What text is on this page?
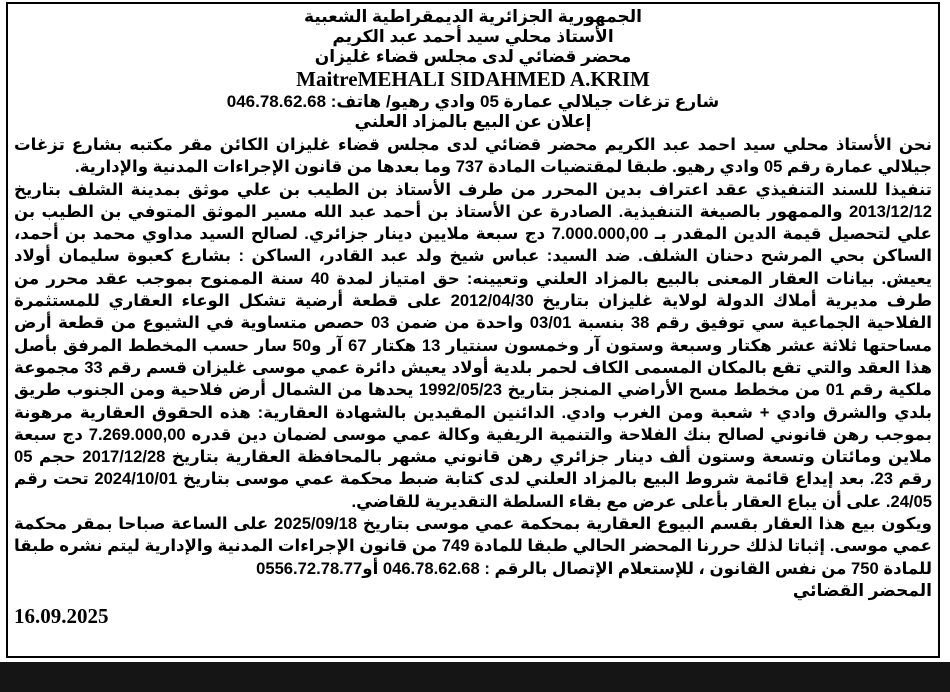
الجمهورية الجزائرية الديمقراطية الشعبية

الأستاذ محلي سيد أحمد عبد الكريم

محضر قضائي لدى مجلس قضاء غليزان

MaitreMEHALI SIDAHMED A.KRIM

شارع تزغات جيلالي عمارة 05 وادي رهيو/ هاتف: 046.78.62.68

إعلان عن البيع بالمزاد العلني

نحن الأستاذ محلي سيد احمد عبد الكريم محضر قضائي لدى مجلس قضاء غليزان الكائن مقر مكتبه بشارع تزغات جيلالي عمارة رقم 05 وادي رهيو. طبقا لمقتضيات المادة 737 وما بعدها من قانون الإجراءات المدنية والإدارية.

تنفيذا للسند التنفيذي عقد اعتراف بدين المحرر من طرف الأستاذ بن الطيب بن علي موثق بمدينة الشلف بتاريخ 2013/12/12 والممهور بالصيغة التنفيذية. الصادرة عن الأستاذ بن أحمد عبد الله مسير الموثق المتوفي بن الطيب بن علي لتحصيل قيمة الدين المقدر بـ 7.000.000,00 دج سبعة ملايين دينار جزائري. لصالح السيد مداوي محمد بن أحمد، الساكن بحي المرشح دحنان الشلف. ضد السيد: عباس شيخ ولد عبد القادر، الساكن : بشارع كعبوة سليمان أولاد يعيش. بيانات العقار المعنى بالبيع بالمزاد العلني وتعيينه: حق امتياز لمدة 40 سنة الممنوح بموجب عقد محرر من طرف مديرية أملاك الدولة لولاية غليزان بتاريخ 2012/04/30 على قطعة أرضية تشكل الوعاء العقاري للمستثمرة الفلاحية الجماعية سي توفيق رقم 38 بنسبة 03/01 واحدة من ضمن 03 حصص متساوية في الشيوع من قطعة أرض مساحتها ثلاثة عشر هكتار وسبعة وستون آر وخمسون سنتيار 13 هكتار 67 آر و50 سار حسب المخطط المرفق بأصل هذا العقد والتي تقع بالمكان المسمى الكاف لحمر بلدية أولاد يعيش دائرة عمي موسى غليزان قسم رقم 33 مجموعة ملكية رقم 01 من مخطط مسح الأراضي المنجز بتاريخ 1992/05/23 يحدها من الشمال أرض فلاحية ومن الجنوب طريق بلدي والشرق وادي + شعبة ومن الغرب وادي. الدائنين المقيدين بالشهادة العقارية: هذه الحقوق العقارية مرهونة بموجب رهن قانوني لصالح بنك الفلاحة والتنمية الريفية وكالة عمي موسى لضمان دين قدره 7.269.000,00 دج سبعة ملاين ومائتان وتسعة وستون ألف دينار جزائري رهن قانوني مشهر بالمحافظة العقارية بتاريخ 2017/12/28 حجم 05 رقم 23. بعد إيداع قائمة شروط البيع بالمزاد العلني لدى كتابة ضبط محكمة عمي موسى بتاريخ 2024/10/01 تحت رقم 24/05. على أن يباع العقار بأعلى عرض مع بقاء السلطة التقديرية للقاضي.

ويكون بيع هذا العقار بقسم البيوع العقارية بمحكمة عمي موسى بتاريخ 2025/09/18 على الساعة صباحا بمقر محكمة عمي موسى. إثباتا لذلك حررنا المحضر الحالي طبقا للمادة 749 من قانون الإجراءات المدنية والإدارية ليتم نشره طبقا للمادة 750 من نفس القانون ، للإستعلام الإتصال بالرقم : 046.78.62.68 أو0556.72.78.77

المحضر القضائي

16.09.2025
